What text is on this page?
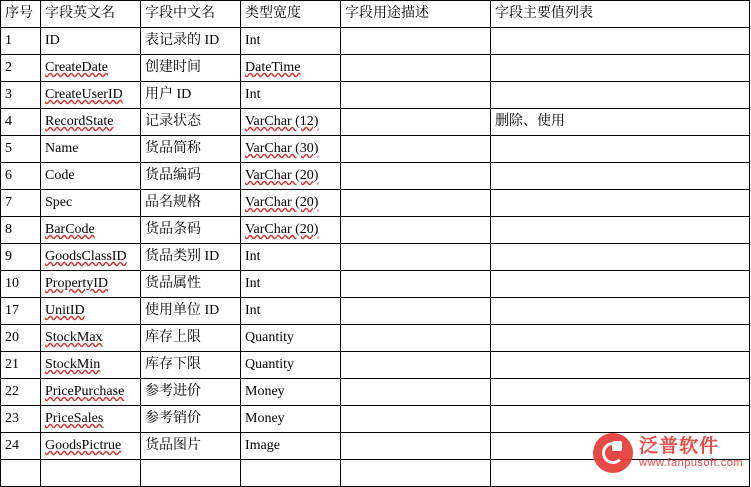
序号	字段英文名	字段中文名	类型宽度	字段用途描述	字段主要值列表
1	ID	表记录的 ID	Int		
2	CreateDate	创建时间	DateTime		
3	CreateUserID	用户 ID	Int		
4	RecordState	记录状态	VarChar (12)		删除、使用
5	Name	货品简称	VarChar (30)		
6	Code	货品编码	VarChar (20)		
7	Spec	品名规格	VarChar (20)		
8	BarCode	货品条码	VarChar (20)		
9	GoodsClassID	货品类别 ID	Int		
10	PropertyID	货品属性	Int		
17	UnitID	使用单位 ID	Int		
20	StockMax	库存上限	Quantity		
21	StockMin	库存下限	Quantity		
22	PricePurchase	参考进价	Money		
23	PriceSales	参考销价	Money		
24	GoodsPictrue	货品图片	Image		
						泛普软件
www.fanpusoft.com
